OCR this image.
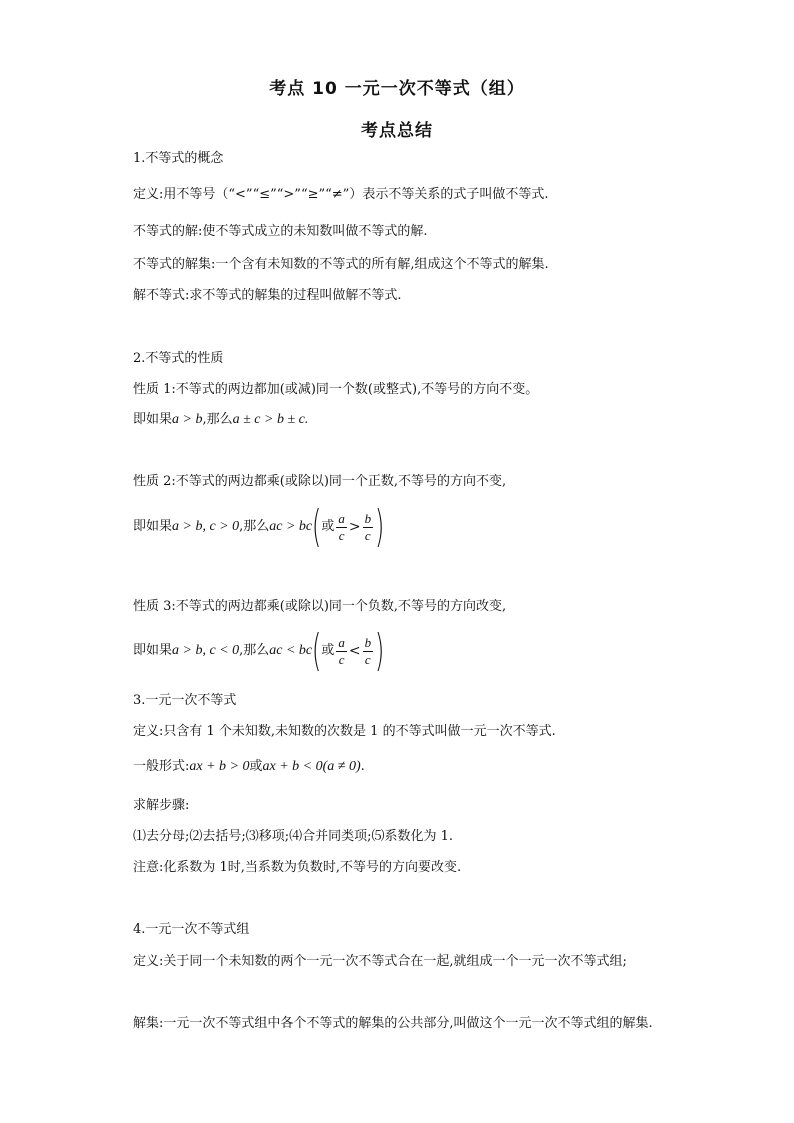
考点 10 一元一次不等式（组）
考点总结
1.不等式的概念
定义:用不等号（“<”“≤”“>”“≥”“≠”）表示不等关系的式子叫做不等式.
不等式的解:使不等式成立的未知数叫做不等式的解.
不等式的解集:一个含有未知数的不等式的所有解,组成这个不等式的解集.
解不等式:求不等式的解集的过程叫做解不等式.
2.不等式的性质
性质 1:不等式的两边都加(或减)同一个数(或整式),不等号的方向不变。
即如果a > b,那么a ± c > b ± c.
性质 2:不等式的两边都乘(或除以)同一个正数,不等号的方向不变,
即如果 a > b, c > 0 ,那么 ac > bc ( 或 $\frac{a}{c} > \frac{b}{c}$ )
性质 3:不等式的两边都乘(或除以)同一个负数,不等号的方向改变,
即如果 a > b, c < 0 ,那么 ac < bc ( 或 $\frac{a}{c} < \frac{b}{c}$ )
3.一元一次不等式
定义:只含有 1 个未知数,未知数的次数是 1 的不等式叫做一元一次不等式.
一般形式:ax + b > 0或ax + b < 0(a ≠ 0).
求解步骤:
⑴去分母;⑵去括号;⑶移项;⑷合并同类项;⑸系数化为 1.
注意:化系数为 1时,当系数为负数时,不等号的方向要改变.
4.一元一次不等式组
定义:关于同一个未知数的两个一元一次不等式合在一起,就组成一个一元一次不等式组;
解集:一元一次不等式组中各个不等式的解集的公共部分,叫做这个一元一次不等式组的解集.
